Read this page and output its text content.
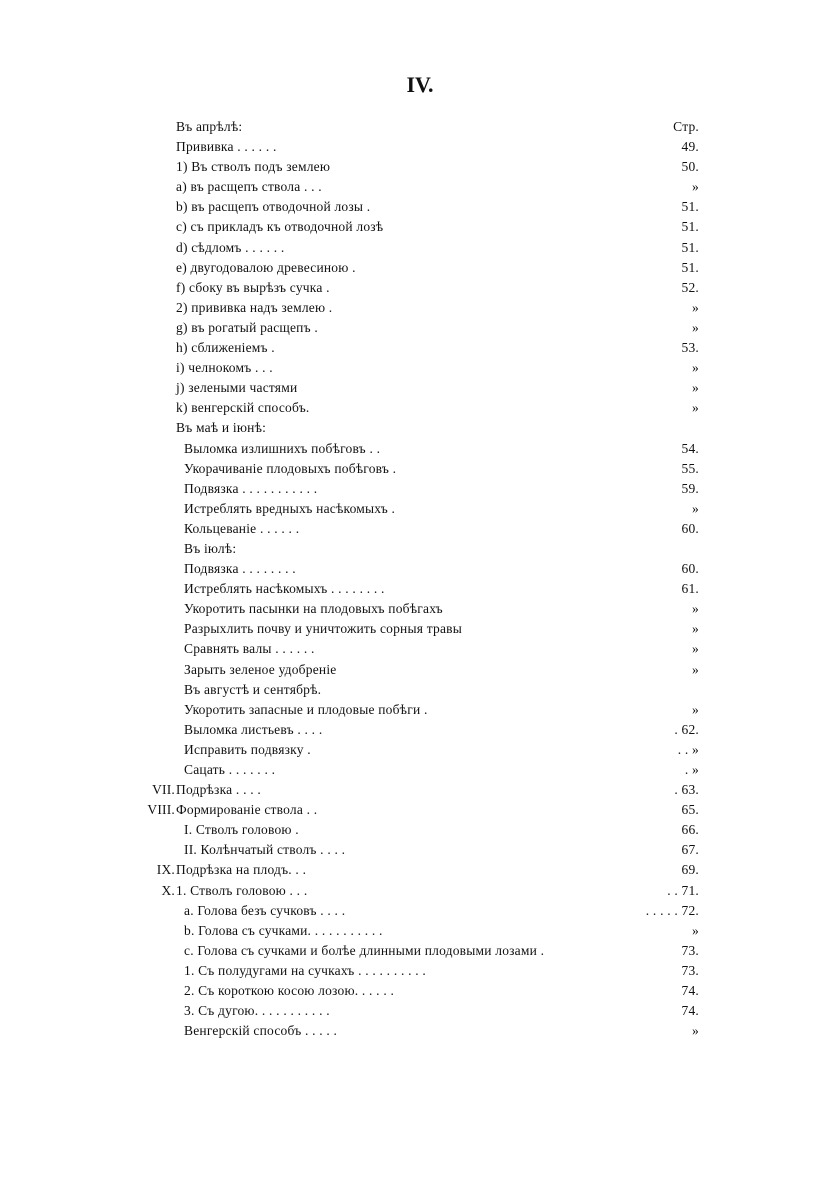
IV.
Въ апрѣлѣ:	Стр.
Прививка . . . . . .	49.
1) Въ стволъ подъ землею	50.
a) въ расщепъ ствола . . .	»
b) въ расщепъ отводочной лозы .	51.
c) съ прикладъ къ отводочной лозѣ	51.
d) сѣдломъ . . . . . .	51.
e) двугодовалою древесиною .	51.
f) сбоку въ вырѣзъ сучка .	52.
2) прививка надъ землею .	»
g) въ рогатый расщепъ .	»
h) сближеніемъ .	53.
i) челнокомъ . . .	»
j) зелеными частями	»
k) венгерскій способъ.	»
Въ маѣ и іюнѣ:
Выломка излишнихъ побѣговъ . .	54.
Укорачиваніе плодовыхъ побѣговъ .	55.
Подвязка . . . . . . . . . . .	59.
Истреблять вредныхъ насѣкомыхъ .	»
Кольцеваніе . . . . . .	60.
Въ іюлѣ:
Подвязка . . . . . . . .	60.
Истреблять насѣкомыхъ . . . . . . . .	61.
Укоротить пасынки на плодовыхъ побѣгахъ	»
Разрыхлить почву и уничтожить сорныя травы	»
Сравнять валы . . . . . .	»
Зарыть зеленое удобреніе	»
Въ августѣ и сентябрѣ.
Укоротить запасные и плодовые побѣги .	»
Выломка листьевъ . . . .	. 62.
Исправить подвязку .	. . »
Сацать . . . . . . .	. »
VII. Подрѣзка . . . .	. 63.
VIII. Формированіе ствола . .	65.
I. Стволъ головою .	66.
II. Колѣнчатый стволъ . . . .	67.
IX. Подрѣзка на плодъ. . .	69.
X. 1. Стволъ головою . . .	. . 71.
a. Голова безъ сучковъ . . . .	. . . . . 72.
b. Голова съ сучками. . . . . . . . . . .	»
c. Голова съ сучками и болѣе длинными плодовыми лозами .	73.
1. Съ полудугами на сучкахъ . . . . . . . . . .	73.
2. Съ короткою косою лозою. . . . . .	74.
3. Съ дугою. . . . . . . . . . .	74.
Венгерскій способъ . . . . .	»
